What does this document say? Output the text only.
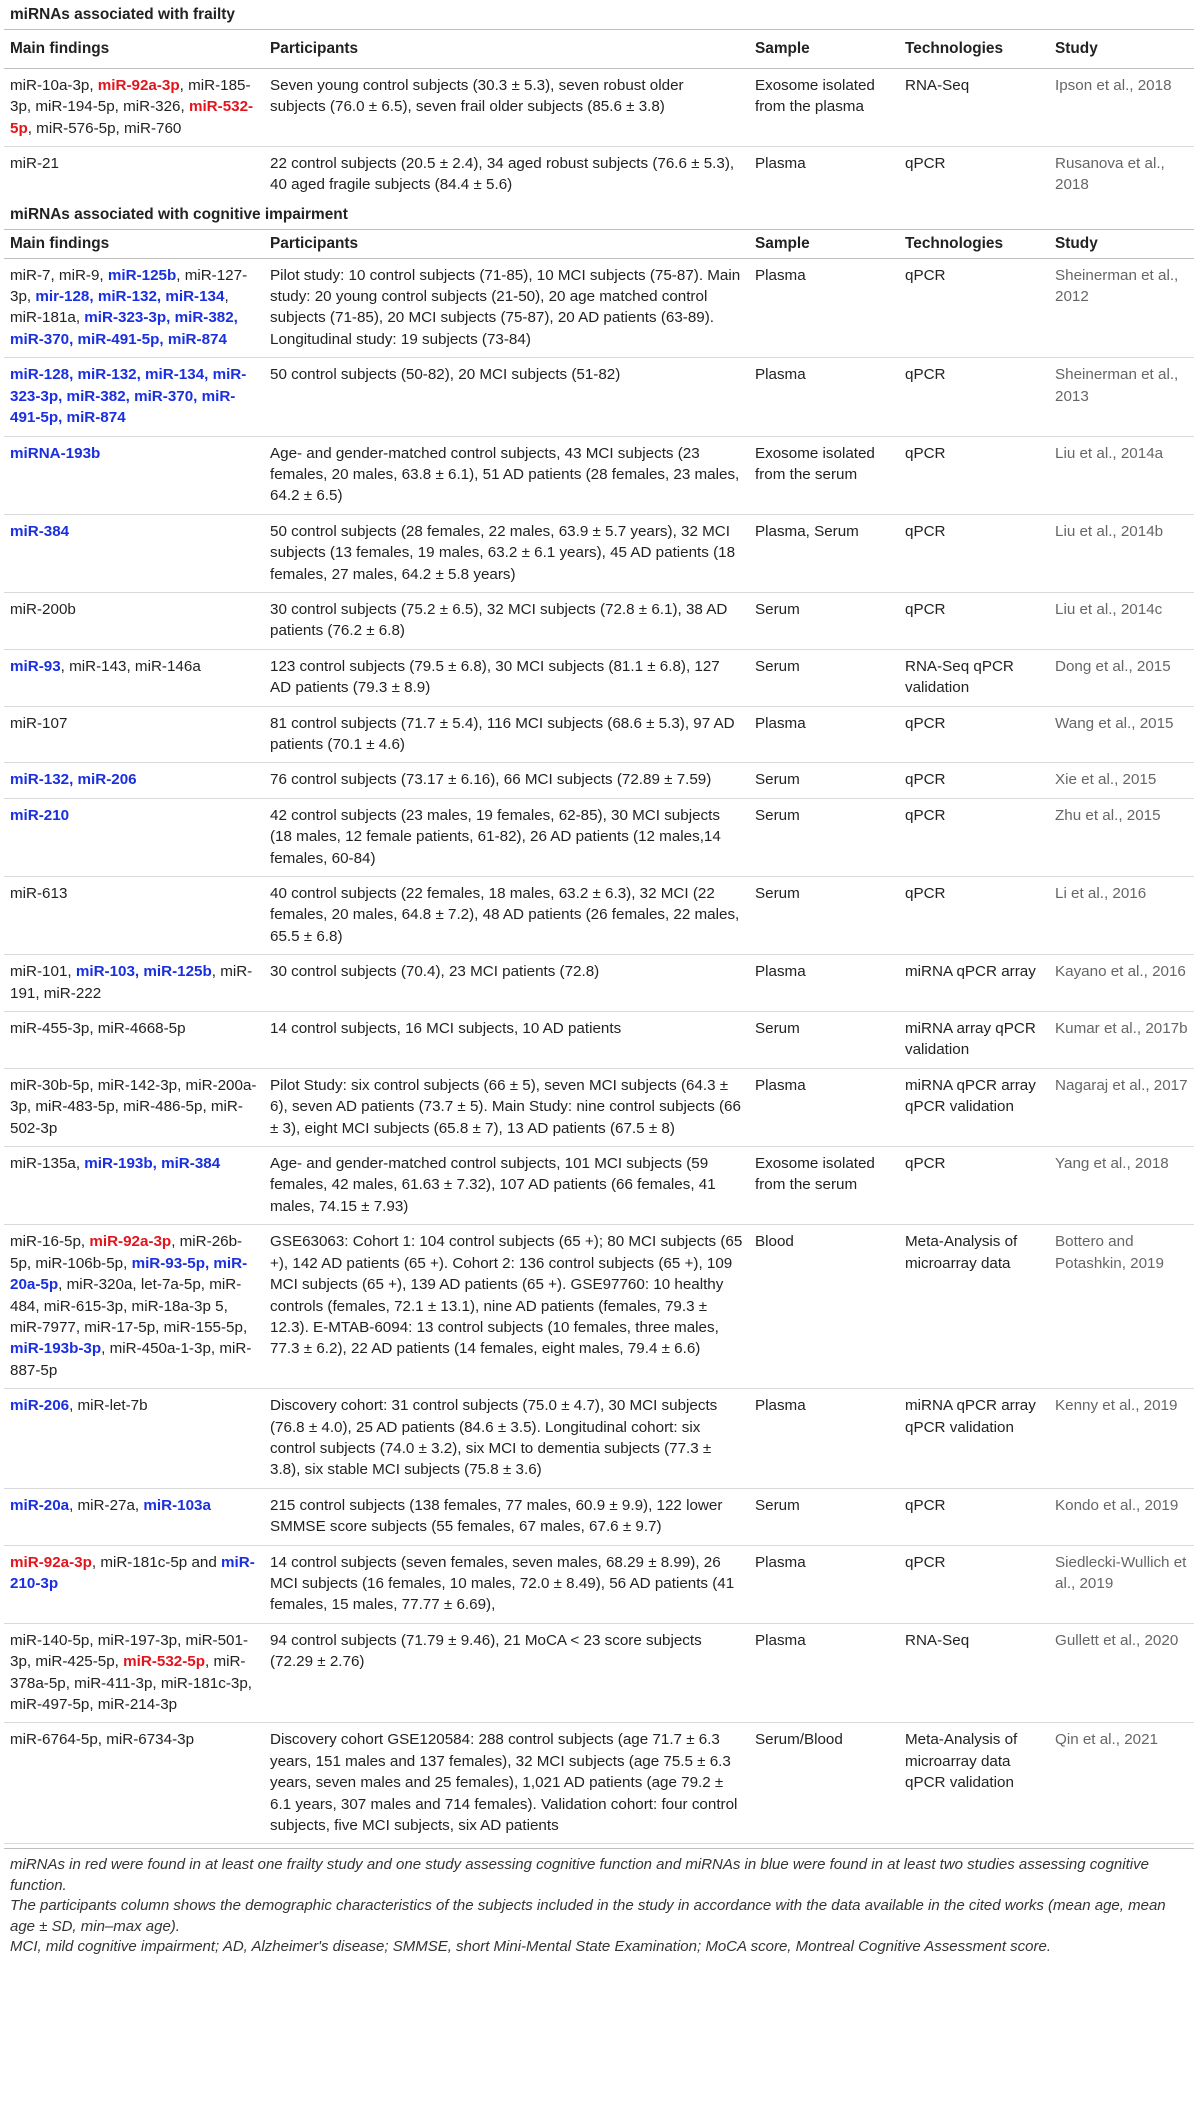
miRNAs associated with frailty				
Main findings	Participants	Sample	Technologies	Study
miR-10a-3p, miR-92a-3p, miR-185-3p, miR-194-5p, miR-326, miR-532-5p, miR-576-5p, miR-760	Seven young control subjects (30.3 ± 5.3), seven robust older subjects (76.0 ± 6.5), seven frail older subjects (85.6 ± 3.8)	Exosome isolated from the plasma	RNA-Seq	Ipson et al., 2018
miR-21	22 control subjects (20.5 ± 2.4), 34 aged robust subjects (76.6 ± 5.3), 40 aged fragile subjects (84.4 ± 5.6)	Plasma	qPCR	Rusanova et al., 2018
miRNAs associated with cognitive impairment				
Main findings	Participants	Sample	Technologies	Study
miR-7, miR-9, miR-125b, miR-127-3p, mir-128, miR-132, miR-134, miR-181a, miR-323-3p, miR-382, miR-370, miR-491-5p, miR-874	Pilot study: 10 control subjects (71-85), 10 MCI subjects (75-87). Main study: 20 young control subjects (21-50), 20 age matched control subjects (71-85), 20 MCI subjects (75-87), 20 AD patients (63-89). Longitudinal study: 19 subjects (73-84)	Plasma	qPCR	Sheinerman et al., 2012
miR-128, miR-132, miR-134, miR-323-3p, miR-382, miR-370, miR-491-5p, miR-874	50 control subjects (50-82), 20 MCI subjects (51-82)	Plasma	qPCR	Sheinerman et al., 2013
miRNA-193b	Age- and gender-matched control subjects, 43 MCI subjects (23 females, 20 males, 63.8 ± 6.1), 51 AD patients (28 females, 23 males, 64.2 ± 6.5)	Exosome isolated from the serum	qPCR	Liu et al., 2014a
miR-384	50 control subjects (28 females, 22 males, 63.9 ± 5.7 years), 32 MCI subjects (13 females, 19 males, 63.2 ± 6.1 years), 45 AD patients (18 females, 27 males, 64.2 ± 5.8 years)	Plasma, Serum	qPCR	Liu et al., 2014b
miR-200b	30 control subjects (75.2 ± 6.5), 32 MCI subjects (72.8 ± 6.1), 38 AD patients (76.2 ± 6.8)	Serum	qPCR	Liu et al., 2014c
miR-93, miR-143, miR-146a	123 control subjects (79.5 ± 6.8), 30 MCI subjects (81.1 ± 6.8), 127 AD patients (79.3 ± 8.9)	Serum	RNA-Seq qPCR validation	Dong et al., 2015
miR-107	81 control subjects (71.7 ± 5.4), 116 MCI subjects (68.6 ± 5.3), 97 AD patients (70.1 ± 4.6)	Plasma	qPCR	Wang et al., 2015
miR-132, miR-206	76 control subjects (73.17 ± 6.16), 66 MCI subjects (72.89 ± 7.59)	Serum	qPCR	Xie et al., 2015
miR-210	42 control subjects (23 males, 19 females, 62-85), 30 MCI subjects (18 males, 12 female patients, 61-82), 26 AD patients (12 males,14 females, 60-84)	Serum	qPCR	Zhu et al., 2015
miR-613	40 control subjects (22 females, 18 males, 63.2 ± 6.3), 32 MCI (22 females, 20 males, 64.8 ± 7.2), 48 AD patients (26 females, 22 males, 65.5 ± 6.8)	Serum	qPCR	Li et al., 2016
miR-101, miR-103, miR-125b, miR-191, miR-222	30 control subjects (70.4), 23 MCI patients (72.8)	Plasma	miRNA qPCR array	Kayano et al., 2016
miR-455-3p, miR-4668-5p	14 control subjects, 16 MCI subjects, 10 AD patients	Serum	miRNA array qPCR validation	Kumar et al., 2017b
miR-30b-5p, miR-142-3p, miR-200a-3p, miR-483-5p, miR-486-5p, miR-502-3p	Pilot Study: six control subjects (66 ± 5), seven MCI subjects (64.3 ± 6), seven AD patients (73.7 ± 5). Main Study: nine control subjects (66 ± 3), eight MCI subjects (65.8 ± 7), 13 AD patients (67.5 ± 8)	Plasma	miRNA qPCR array qPCR validation	Nagaraj et al., 2017
miR-135a, miR-193b, miR-384	Age- and gender-matched control subjects, 101 MCI subjects (59 females, 42 males, 61.63 ± 7.32), 107 AD patients (66 females, 41 males, 74.15 ± 7.93)	Exosome isolated from the serum	qPCR	Yang et al., 2018
miR-16-5p, miR-92a-3p, miR-26b-5p, miR-106b-5p, miR-93-5p, miR-20a-5p, miR-320a, let-7a-5p, miR-484, miR-615-3p, miR-18a-3p 5, miR-7977, miR-17-5p, miR-155-5p, miR-193b-3p, miR-450a-1-3p, miR-887-5p	GSE63063: Cohort 1: 104 control subjects (65 +); 80 MCI subjects (65 +), 142 AD patients (65 +). Cohort 2: 136 control subjects (65 +), 109 MCI subjects (65 +), 139 AD patients (65 +). GSE97760: 10 healthy controls (females, 72.1 ± 13.1), nine AD patients (females, 79.3 ± 12.3). E-MTAB-6094: 13 control subjects (10 females, three males, 77.3 ± 6.2), 22 AD patients (14 females, eight males, 79.4 ± 6.6)	Blood	Meta-Analysis of microarray data	Bottero and Potashkin, 2019
miR-206, miR-let-7b	Discovery cohort: 31 control subjects (75.0 ± 4.7), 30 MCI subjects (76.8 ± 4.0), 25 AD patients (84.6 ± 3.5). Longitudinal cohort: six control subjects (74.0 ± 3.2), six MCI to dementia subjects (77.3 ± 3.8), six stable MCI subjects (75.8 ± 3.6)	Plasma	miRNA qPCR array qPCR validation	Kenny et al., 2019
miR-20a, miR-27a, miR-103a	215 control subjects (138 females, 77 males, 60.9 ± 9.9), 122 lower SMMSE score subjects (55 females, 67 males, 67.6 ± 9.7)	Serum	qPCR	Kondo et al., 2019
miR-92a-3p, miR-181c-5p and miR-210-3p	14 control subjects (seven females, seven males, 68.29 ± 8.99), 26 MCI subjects (16 females, 10 males, 72.0 ± 8.49), 56 AD patients (41 females, 15 males, 77.77 ± 6.69),	Plasma	qPCR	Siedlecki-Wullich et al., 2019
miR-140-5p, miR-197-3p, miR-501-3p, miR-425-5p, miR-532-5p, miR-378a-5p, miR-411-3p, miR-181c-3p, miR-497-5p, miR-214-3p	94 control subjects (71.79 ± 9.46), 21 MoCA < 23 score subjects (72.29 ± 2.76)	Plasma	RNA-Seq	Gullett et al., 2020
miR-6764-5p, miR-6734-3p	Discovery cohort GSE120584: 288 control subjects (age 71.7 ± 6.3 years, 151 males and 137 females), 32 MCI subjects (age 75.5 ± 6.3 years, seven males and 25 females), 1,021 AD patients (age 79.2 ± 6.1 years, 307 males and 714 females). Validation cohort: four control subjects, five MCI subjects, six AD patients	Serum/Blood	Meta-Analysis of microarray data qPCR validation	Qin et al., 2021

miRNAs in red were found in at least one frailty study and one study assessing cognitive function and miRNAs in blue were found in at least two studies assessing cognitive function.

The participants column shows the demographic characteristics of the subjects included in the study in accordance with the data available in the cited works (mean age, mean age ± SD, min–max age).

MCI, mild cognitive impairment; AD, Alzheimer's disease; SMMSE, short Mini-Mental State Examination; MoCA score, Montreal Cognitive Assessment score.
